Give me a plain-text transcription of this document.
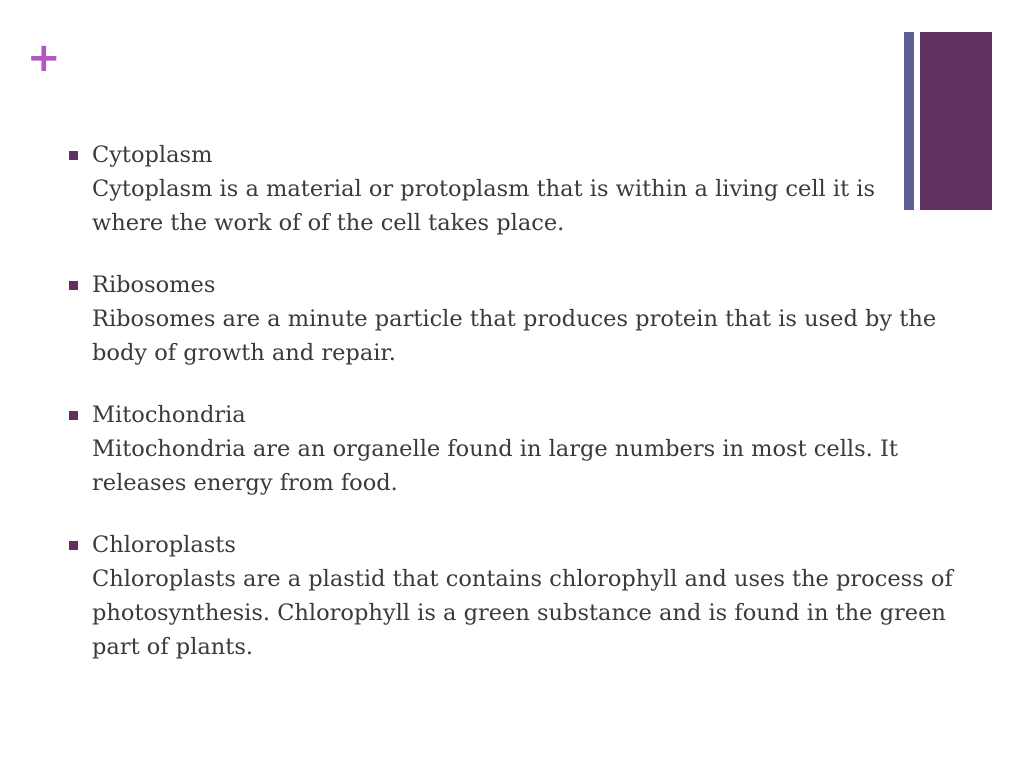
+
Cytoplasm
Cytoplasm is a material or protoplasm that is within a living cell it is where the work of of the cell takes place.
Ribosomes
Ribosomes are a minute particle that produces protein that is used by the body of growth and repair.
Mitochondria
Mitochondria are an organelle found in large numbers in most cells. It releases energy from food.
Chloroplasts
Chloroplasts are a plastid that contains chlorophyll and uses the process of photosynthesis. Chlorophyll is a green substance and is found in the green part of plants.
